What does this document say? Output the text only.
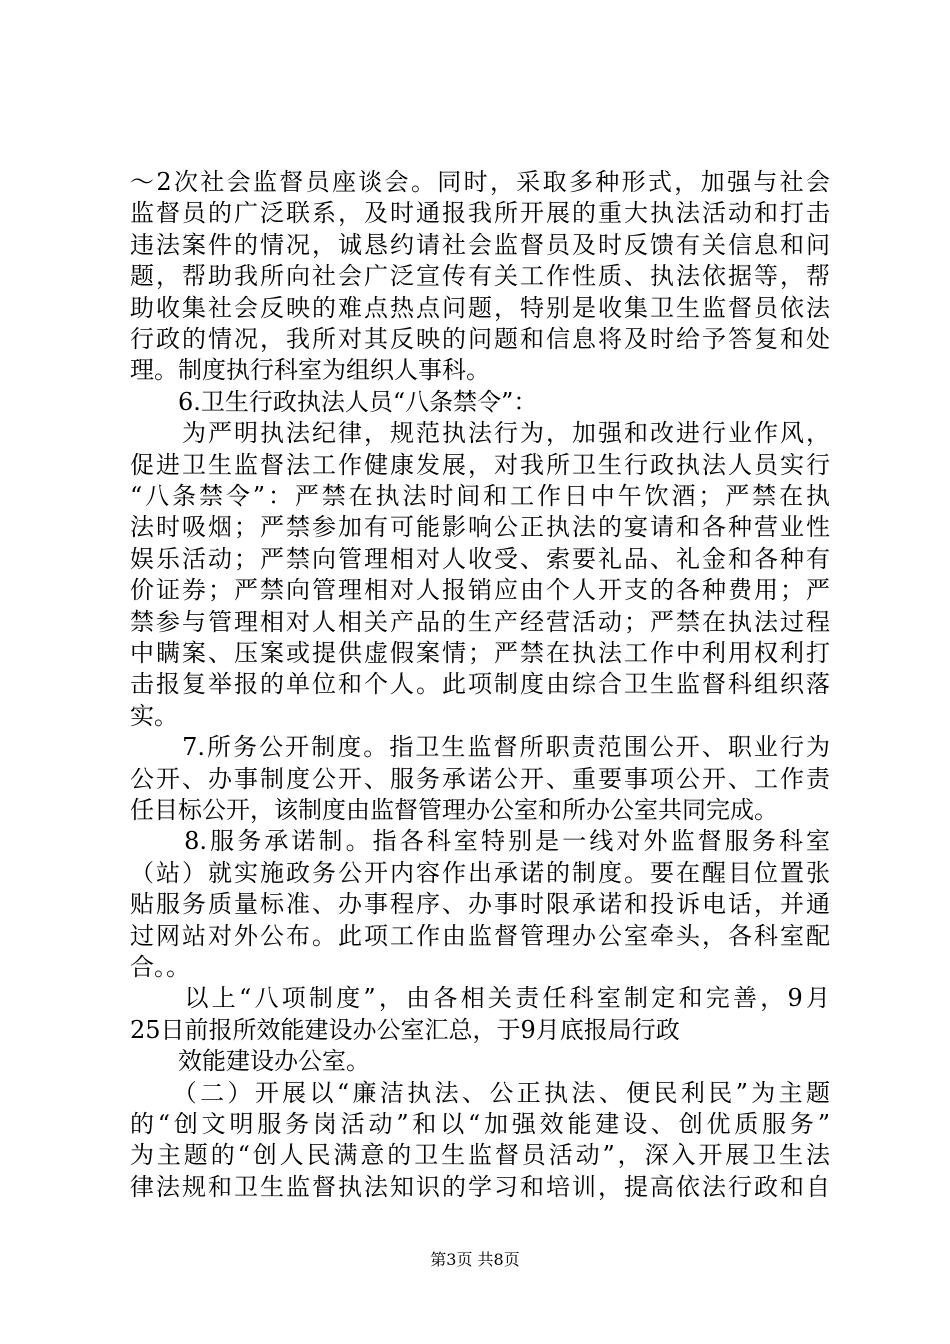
～2次社会监督员座谈会。同时，采取多种形式，加强与社会
监督员的广泛联系，及时通报我所开展的重大执法活动和打击
违法案件的情况，诚恳约请社会监督员及时反馈有关信息和问
题，帮助我所向社会广泛宣传有关工作性质、执法依据等，帮
助收集社会反映的难点热点问题，特别是收集卫生监督员依法
行政的情况，我所对其反映的问题和信息将及时给予答复和处
理。制度执行科室为组织人事科。
　　6.卫生行政执法人员“八条禁令”：
　　为严明执法纪律，规范执法行为，加强和改进行业作风，
促进卫生监督法工作健康发展，对我所卫生行政执法人员实行
“八条禁令”：严禁在执法时间和工作日中午饮酒；严禁在执
法时吸烟；严禁参加有可能影响公正执法的宴请和各种营业性
娱乐活动；严禁向管理相对人收受、索要礼品、礼金和各种有
价证券；严禁向管理相对人报销应由个人开支的各种费用；严
禁参与管理相对人相关产品的生产经营活动；严禁在执法过程
中瞒案、压案或提供虚假案情；严禁在执法工作中利用权利打
击报复举报的单位和个人。此项制度由综合卫生监督科组织落
实。
　　7.所务公开制度。指卫生监督所职责范围公开、职业行为
公开、办事制度公开、服务承诺公开、重要事项公开、工作责
任目标公开，该制度由监督管理办公室和所办公室共同完成。
　　8.服务承诺制。指各科室特别是一线对外监督服务科室
（站）就实施政务公开内容作出承诺的制度。要在醒目位置张
贴服务质量标准、办事程序、办事时限承诺和投诉电话，并通
过网站对外公布。此项工作由监督管理办公室牵头，各科室配
合。。
　　以上“八项制度”，由各相关责任科室制定和完善，9月
25日前报所效能建设办公室汇总，于9月底报局行政
　　效能建设办公室。
　　（二）开展以“廉洁执法、公正执法、便民利民”为主题
的“创文明服务岗活动”和以“加强效能建设、创优质服务”
为主题的“创人民满意的卫生监督员活动”，深入开展卫生法
律法规和卫生监督执法知识的学习和培训，提高依法行政和自
第3页 共8页
